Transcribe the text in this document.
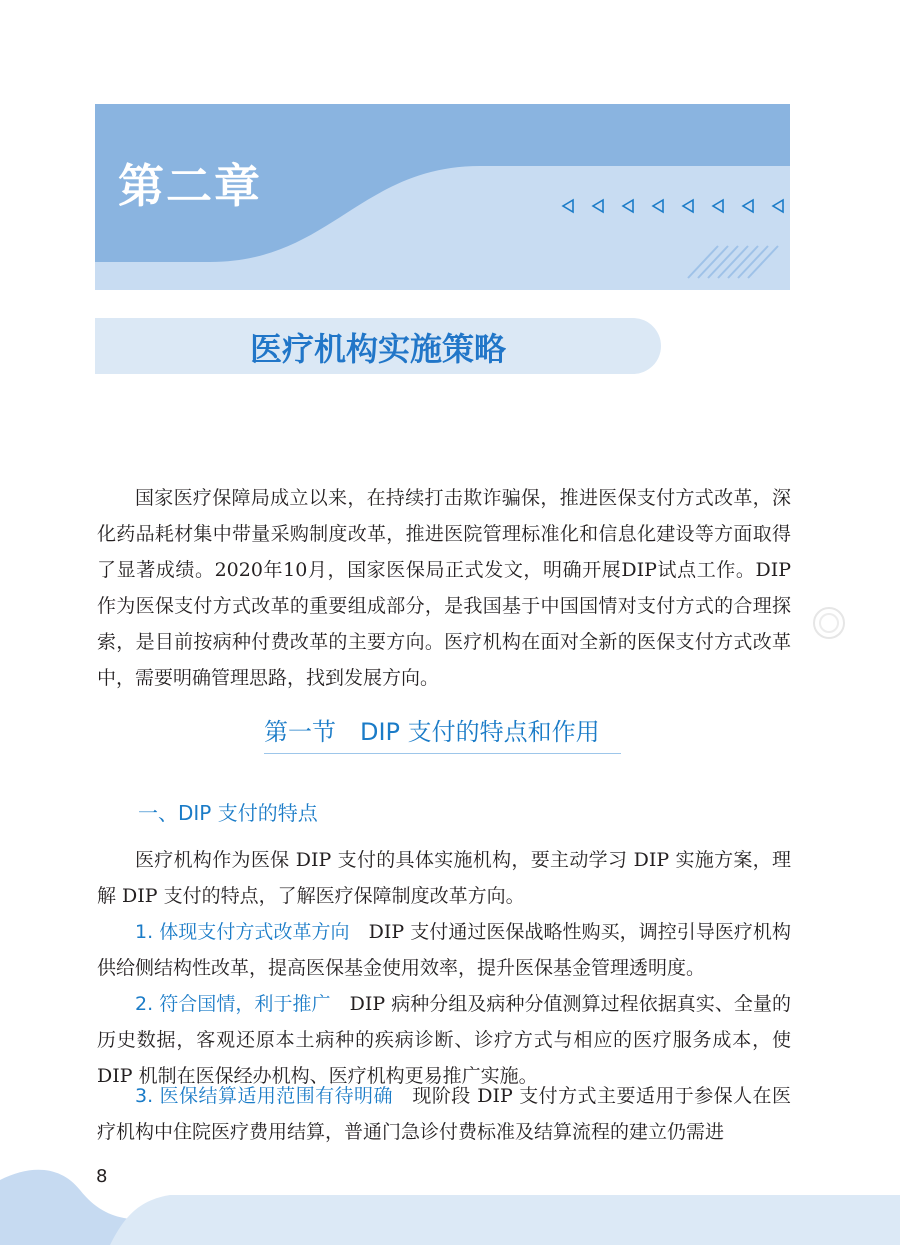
第二章
医疗机构实施策略

国家医疗保障局成立以来，在持续打击欺诈骗保，推进医保支付方式改革，深化药品耗材集中带量采购制度改革，推进医院管理标准化和信息化建设等方面取得了显著成绩。2020年10月，国家医保局正式发文，明确开展DIP试点工作。DIP 作为医保支付方式改革的重要组成部分，是我国基于中国国情对支付方式的合理探索，是目前按病种付费改革的主要方向。医疗机构在面对全新的医保支付方式改革中，需要明确管理思路，找到发展方向。

第一节　DIP 支付的特点和作用
一、DIP 支付的特点

医疗机构作为医保 DIP 支付的具体实施机构，要主动学习 DIP 实施方案，理解 DIP 支付的特点，了解医疗保障制度改革方向。

1. 体现支付方式改革方向　 DIP 支付通过医保战略性购买，调控引导医疗机构供给侧结构性改革，提高医保基金使用效率，提升医保基金管理透明度。

2. 符合国情，利于推广　 DIP 病种分组及病种分值测算过程依据真实、全量的历史数据，客观还原本土病种的疾病诊断、诊疗方式与相应的医疗服务成本，使 DIP 机制在医保经办机构、医疗机构更易推广实施。

3. 医保结算适用范围有待明确　 现阶段 DIP 支付方式主要适用于参保人在医疗机构中住院医疗费用结算，普通门急诊付费标准及结算流程的建立仍需进

8
